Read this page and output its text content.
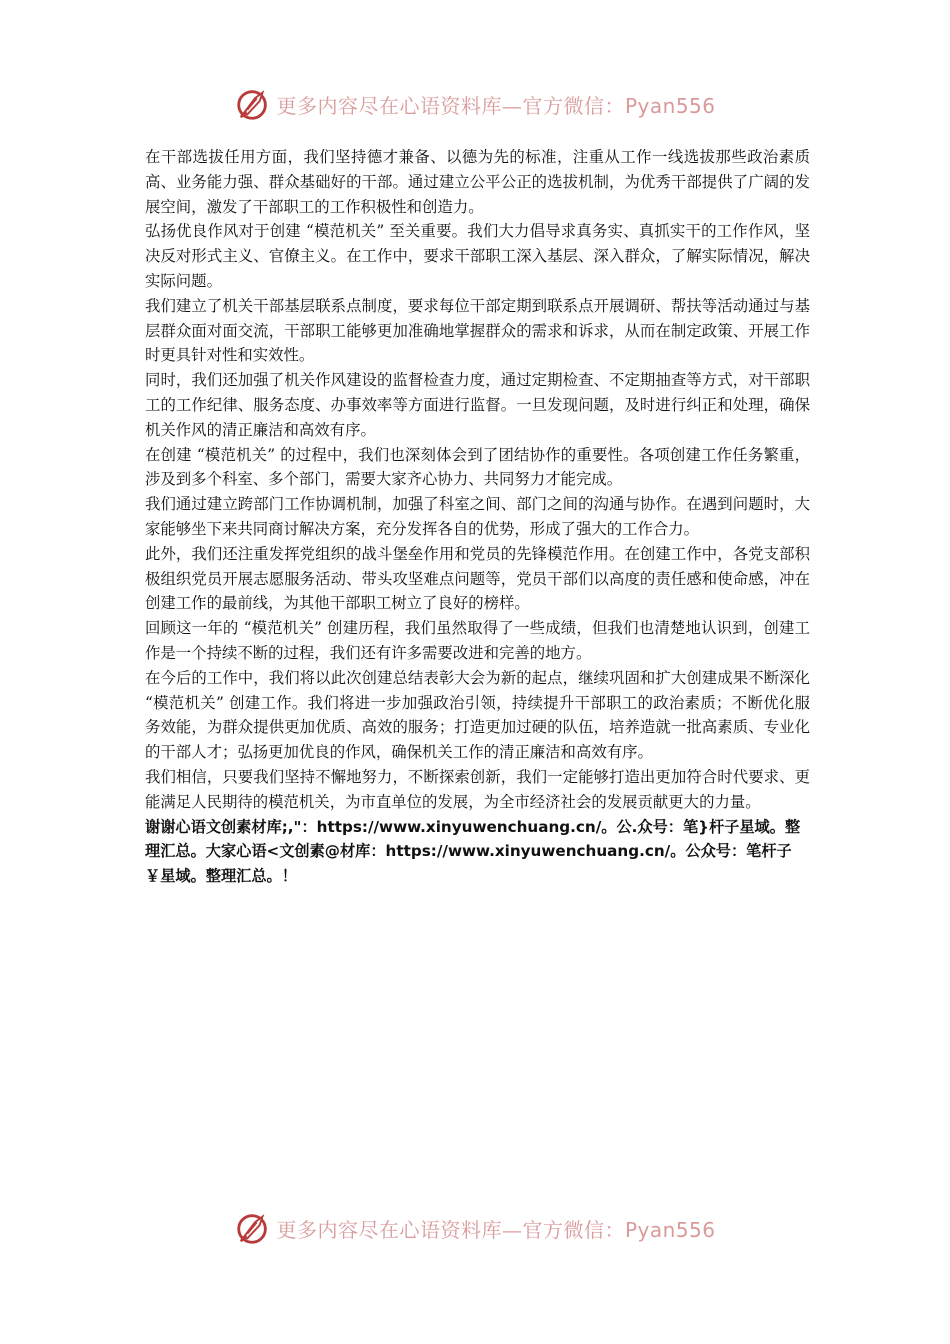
更多内容尽在心语资料库—官方微信：Pyan556

在干部选拔任用方面，我们坚持德才兼备、以德为先的标准，注重从工作一线选拔那些政治素质高、业务能力强、群众基础好的干部。通过建立公平公正的选拔机制，为优秀干部提供了广阔的发展空间，激发了干部职工的工作积极性和创造力。

弘扬优良作风对于创建 “模范机关” 至关重要。我们大力倡导求真务实、真抓实干的工作作风，坚决反对形式主义、官僚主义。在工作中，要求干部职工深入基层、深入群众，了解实际情况，解决实际问题。

我们建立了机关干部基层联系点制度，要求每位干部定期到联系点开展调研、帮扶等活动通过与基层群众面对面交流，干部职工能够更加准确地掌握群众的需求和诉求，从而在制定政策、开展工作时更具针对性和实效性。

同时，我们还加强了机关作风建设的监督检查力度，通过定期检查、不定期抽查等方式，对干部职工的工作纪律、服务态度、办事效率等方面进行监督。一旦发现问题，及时进行纠正和处理，确保机关作风的清正廉洁和高效有序。

在创建 “模范机关” 的过程中，我们也深刻体会到了团结协作的重要性。各项创建工作任务繁重，涉及到多个科室、多个部门，需要大家齐心协力、共同努力才能完成。

我们通过建立跨部门工作协调机制，加强了科室之间、部门之间的沟通与协作。在遇到问题时，大家能够坐下来共同商讨解决方案，充分发挥各自的优势，形成了强大的工作合力。

此外，我们还注重发挥党组织的战斗堡垒作用和党员的先锋模范作用。在创建工作中，各党支部积极组织党员开展志愿服务活动、带头攻坚难点问题等，党员干部们以高度的责任感和使命感，冲在创建工作的最前线，为其他干部职工树立了良好的榜样。

回顾这一年的 “模范机关” 创建历程，我们虽然取得了一些成绩，但我们也清楚地认识到，创建工作是一个持续不断的过程，我们还有许多需要改进和完善的地方。

在今后的工作中，我们将以此次创建总结表彰大会为新的起点，继续巩固和扩大创建成果不断深化 “模范机关” 创建工作。我们将进一步加强政治引领，持续提升干部职工的政治素质；不断优化服务效能，为群众提供更加优质、高效的服务；打造更加过硬的队伍，培养造就一批高素质、专业化的干部人才；弘扬更加优良的作风，确保机关工作的清正廉洁和高效有序。

我们相信，只要我们坚持不懈地努力，不断探索创新，我们一定能够打造出更加符合时代要求、更能满足人民期待的模范机关，为市直单位的发展，为全市经济社会的发展贡献更大的力量。

谢谢心语文创素材库;,"：https://www.xinyuwenchuang.cn/。公.众号：笔}杆子星域。整理汇总。大家心语<文创素@材库：https://www.xinyuwenchuang.cn/。公众号：笔杆子￥星域。整理汇总。！

更多内容尽在心语资料库—官方微信：Pyan556
